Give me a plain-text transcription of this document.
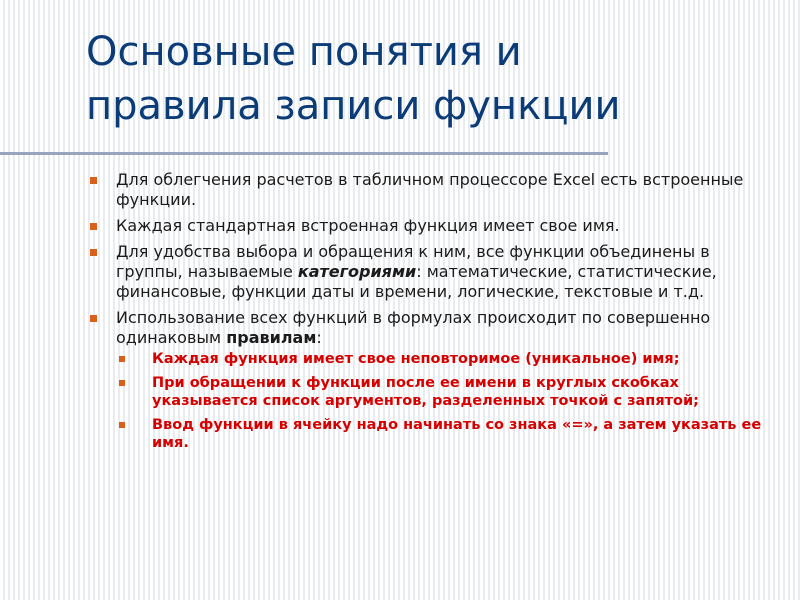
Основные понятия и
правила записи функции
Для облегчения расчетов в табличном процессоре Excel есть встроенные функции.
Каждая стандартная встроенная функция имеет свое имя.
Для удобства выбора и обращения к ним, все функции объединены в группы, называемые категориями: математические, статистические, финансовые, функции даты и времени, логические, текстовые и т.д.
Использование всех функций в формулах происходит по совершенно одинаковым правилам:
Каждая функция имеет свое неповторимое (уникальное) имя;
При обращении к функции после ее имени в круглых скобках указывается список аргументов, разделенных точкой с запятой;
Ввод функции в ячейку надо начинать со знака «=», а затем указать ее имя.
